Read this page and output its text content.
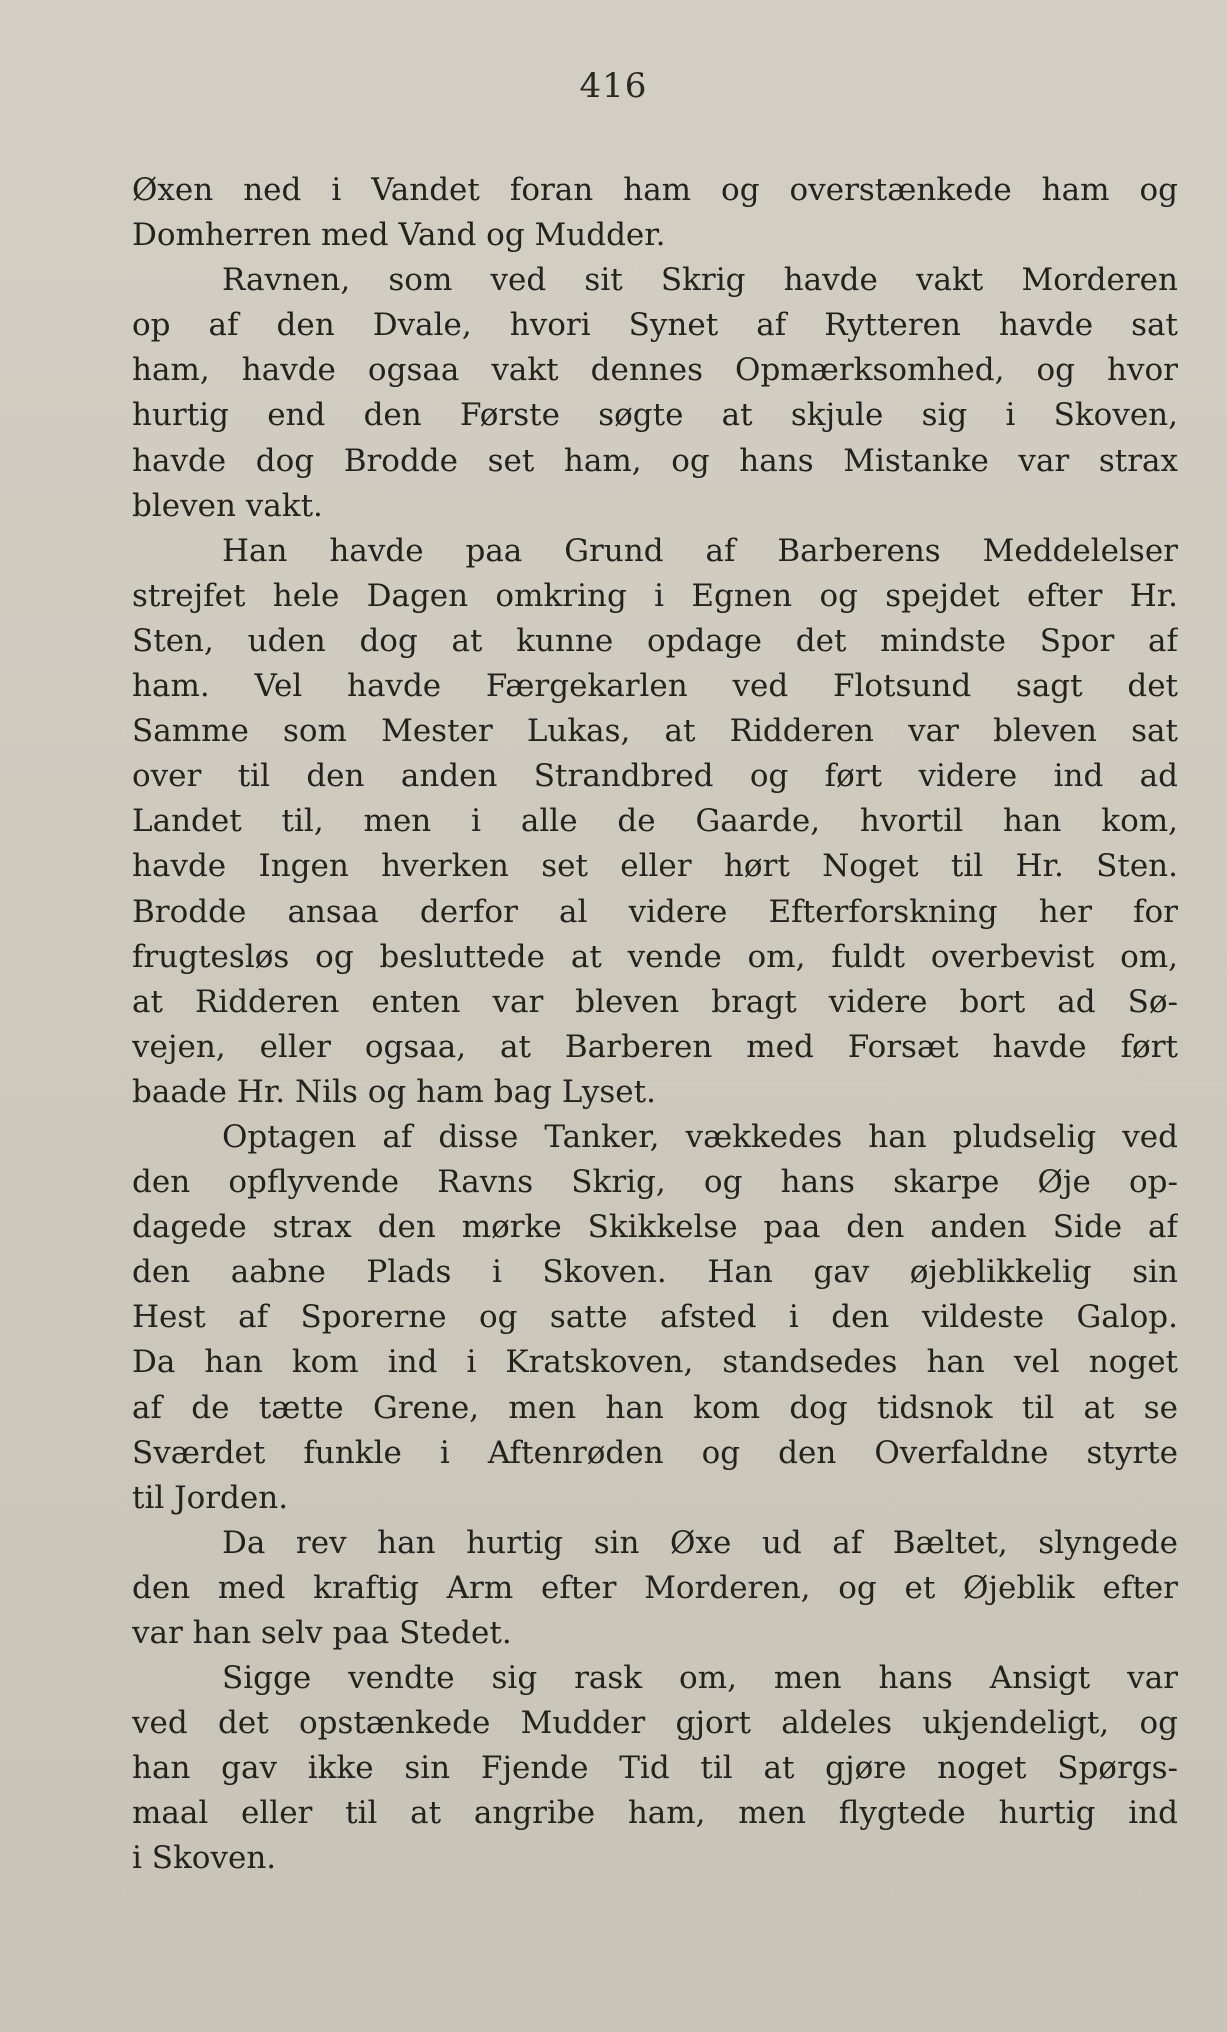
416
Øxen ned i Vandet foran ham og overstænkede ham og
Domherren med Vand og Mudder.
Ravnen, som ved sit Skrig havde vakt Morderen
op af den Dvale, hvori Synet af Rytteren havde sat
ham, havde ogsaa vakt dennes Opmærksomhed, og hvor
hurtig end den Første søgte at skjule sig i Skoven,
havde dog Brodde set ham, og hans Mistanke var strax
bleven vakt.
Han havde paa Grund af Barberens Meddelelser
strejfet hele Dagen omkring i Egnen og spejdet efter Hr.
Sten, uden dog at kunne opdage det mindste Spor af
ham. Vel havde Færgekarlen ved Flotsund sagt det
Samme som Mester Lukas, at Ridderen var bleven sat
over til den anden Strandbred og ført videre ind ad
Landet til, men i alle de Gaarde, hvortil han kom,
havde Ingen hverken set eller hørt Noget til Hr. Sten.
Brodde ansaa derfor al videre Efterforskning her for
frugtesløs og besluttede at vende om, fuldt overbevist om,
at Ridderen enten var bleven bragt videre bort ad Sø-
vejen, eller ogsaa, at Barberen med Forsæt havde ført
baade Hr. Nils og ham bag Lyset.
Optagen af disse Tanker, vækkedes han pludselig ved
den opflyvende Ravns Skrig, og hans skarpe Øje op-
dagede strax den mørke Skikkelse paa den anden Side af
den aabne Plads i Skoven. Han gav øjeblikkelig sin
Hest af Sporerne og satte afsted i den vildeste Galop.
Da han kom ind i Kratskoven, standsedes han vel noget
af de tætte Grene, men han kom dog tidsnok til at se
Sværdet funkle i Aftenrøden og den Overfaldne styrte
til Jorden.
Da rev han hurtig sin Øxe ud af Bæltet, slyngede
den med kraftig Arm efter Morderen, og et Øjeblik efter
var han selv paa Stedet.
Sigge vendte sig rask om, men hans Ansigt var
ved det opstænkede Mudder gjort aldeles ukjendeligt, og
han gav ikke sin Fjende Tid til at gjøre noget Spørgs-
maal eller til at angribe ham, men flygtede hurtig ind
i Skoven.
